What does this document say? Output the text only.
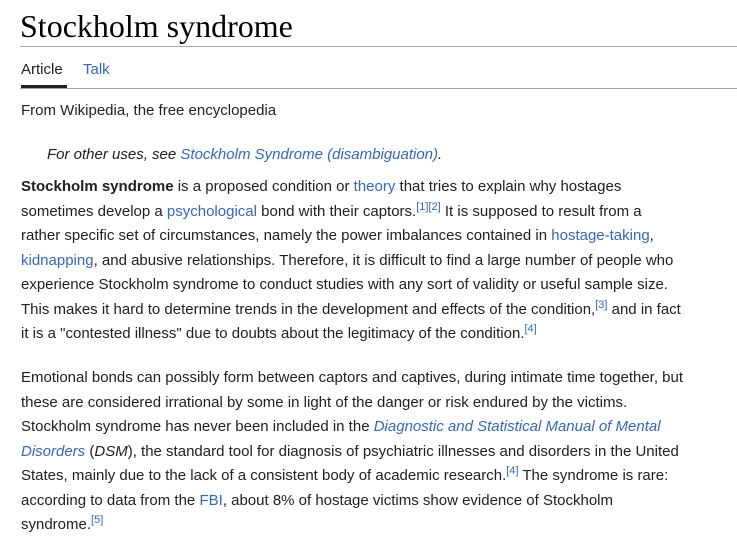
Stockholm syndrome
Article Talk
From Wikipedia, the free encyclopedia
For other uses, see Stockholm Syndrome (disambiguation).
Stockholm syndrome is a proposed condition or theory that tries to explain why hostages
sometimes develop a psychological bond with their captors.[1][2] It is supposed to result from a
rather specific set of circumstances, namely the power imbalances contained in hostage-taking,
kidnapping, and abusive relationships. Therefore, it is difficult to find a large number of people who
experience Stockholm syndrome to conduct studies with any sort of validity or useful sample size.
This makes it hard to determine trends in the development and effects of the condition,[3] and in fact
it is a "contested illness" due to doubts about the legitimacy of the condition.[4]
Emotional bonds can possibly form between captors and captives, during intimate time together, but
these are considered irrational by some in light of the danger or risk endured by the victims.
Stockholm syndrome has never been included in the Diagnostic and Statistical Manual of Mental
Disorders (DSM), the standard tool for diagnosis of psychiatric illnesses and disorders in the United
States, mainly due to the lack of a consistent body of academic research.[4] The syndrome is rare:
according to data from the FBI, about 8% of hostage victims show evidence of Stockholm
syndrome.[5]
